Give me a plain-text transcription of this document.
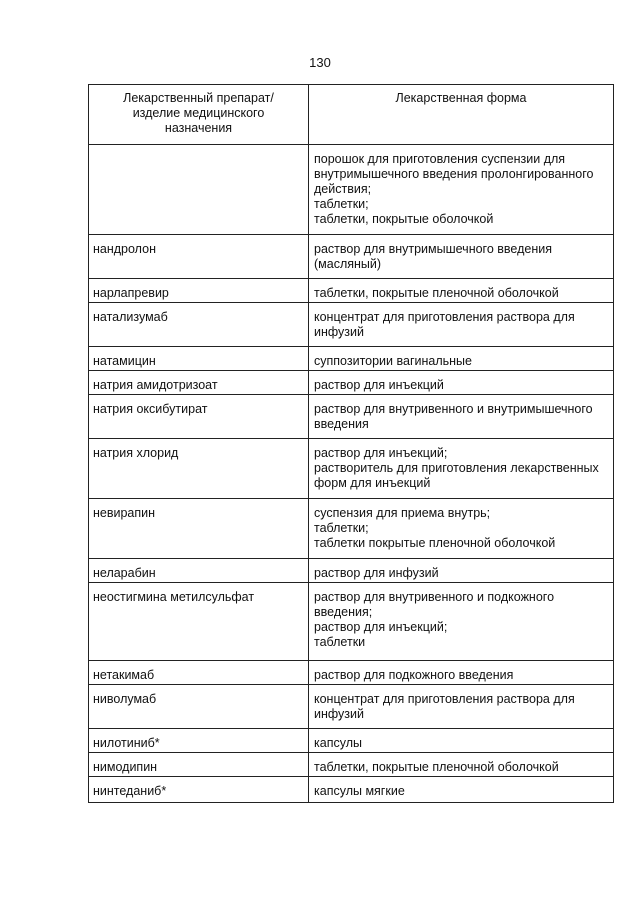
130
Лекарственный препарат/ изделие медицинского назначения	Лекарственная форма

	порошок для приготовления суспензии для внутримышечного введения пролонгированного действия;
таблетки;
таблетки, покрытые оболочкой

нандролон	раствор для внутримышечного введения (масляный)

нарлапревир	таблетки, покрытые пленочной оболочкой

натализумаб	концентрат для приготовления раствора для инфузий

натамицин	суппозитории вагинальные

натрия амидотризоат	раствор для инъекций

натрия оксибутират	раствор для внутривенного и внутримышечного введения

натрия хлорид	раствор для инъекций;
растворитель для приготовления лекарственных форм для инъекций

невирапин	суспензия для приема внутрь;
таблетки;
таблетки покрытые пленочной оболочкой

неларабин	раствор для инфузий

неостигмина метилсульфат	раствор для внутривенного и подкожного введения;
раствор для инъекций;
таблетки

нетакимаб	раствор для подкожного введения

ниволумаб	концентрат для приготовления раствора для инфузий

нилотиниб*	капсулы

нимодипин	таблетки, покрытые пленочной оболочкой

нинтеданиб*	капсулы мягкие
